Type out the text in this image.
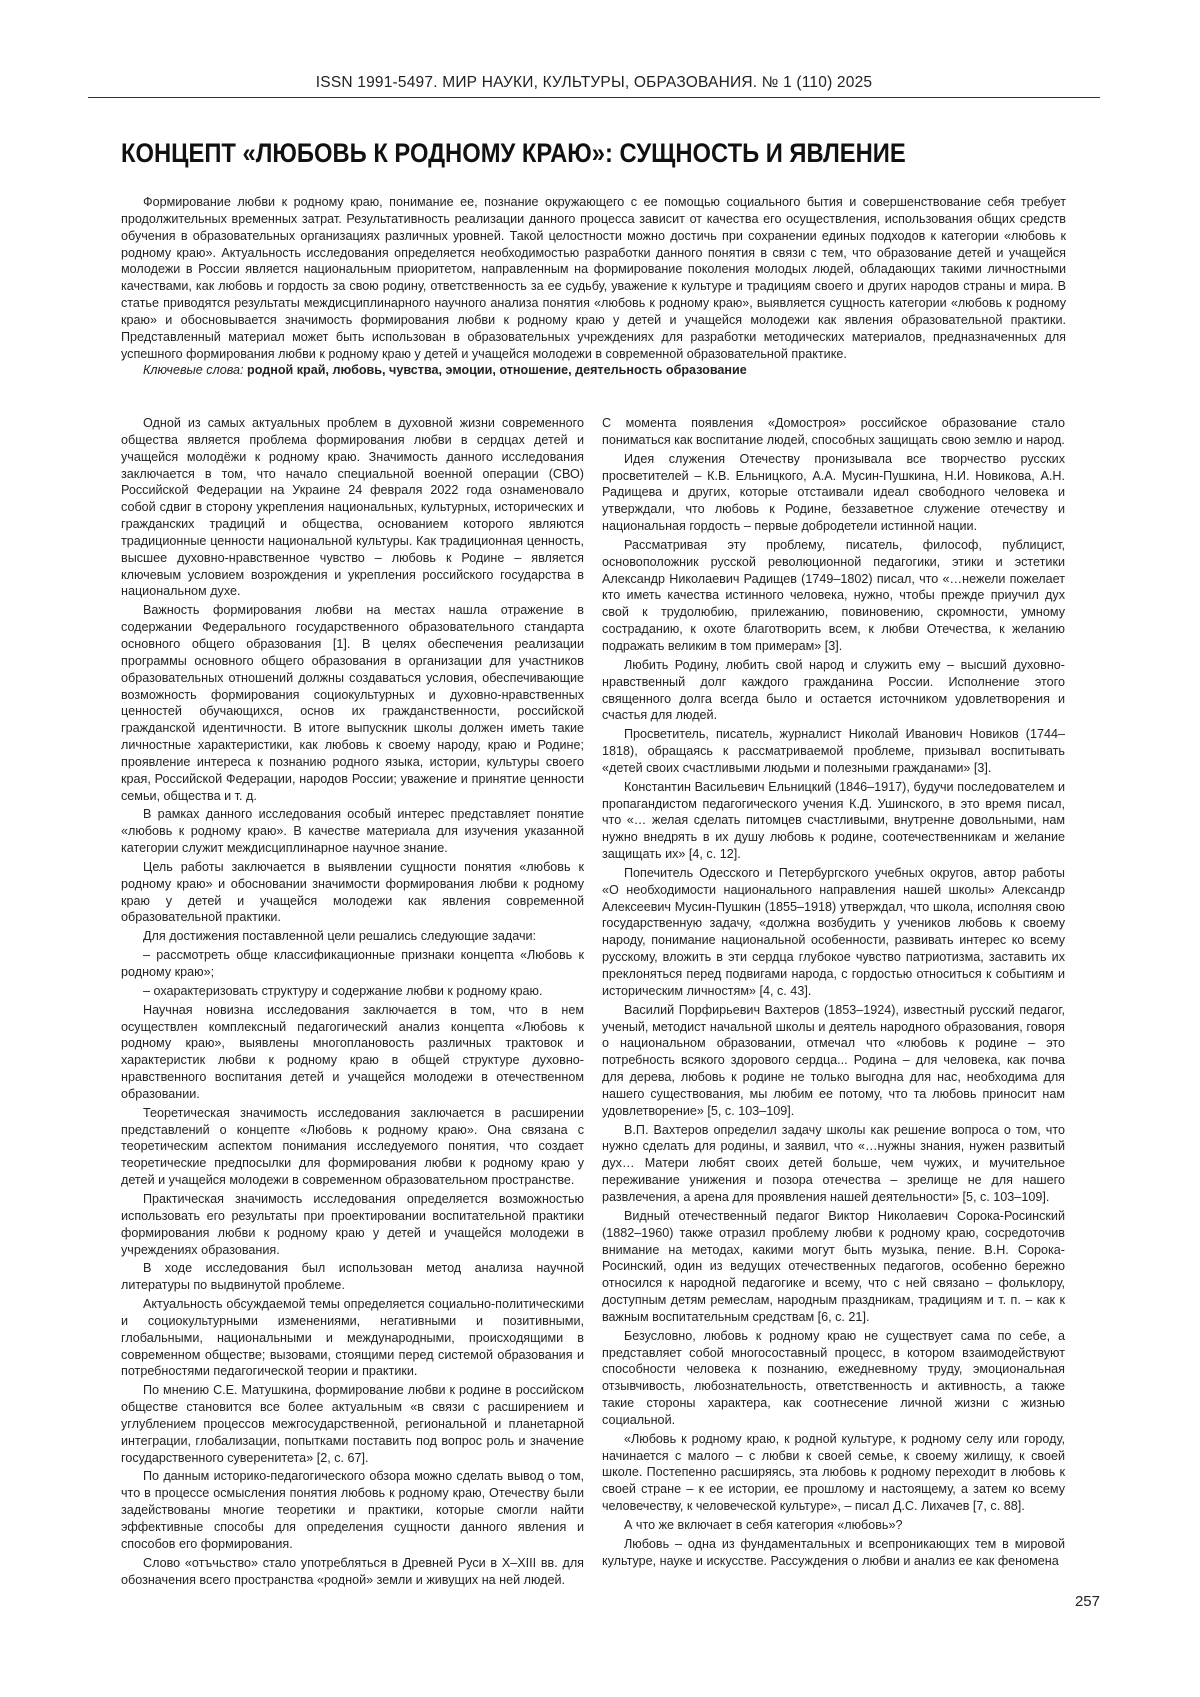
ISSN 1991-5497. МИР НАУКИ, КУЛЬТУРЫ, ОБРАЗОВАНИЯ. № 1 (110) 2025
КОНЦЕПТ «ЛЮБОВЬ К РОДНОМУ КРАЮ»: СУЩНОСТЬ И ЯВЛЕНИЕ

Формирование любви к родному краю, понимание ее, познание окружающего с ее помощью социального бытия и совершенствование себя требует продолжительных временных затрат. Результативность реализации данного процесса зависит от качества его осуществления, использования общих средств обучения в образовательных организациях различных уровней. Такой целостности можно достичь при сохранении единых подходов к категории «любовь к родному краю». Актуальность исследования определяется необходимостью разработки данного понятия в связи с тем, что образование детей и учащейся молодежи в России является национальным приоритетом, направленным на формирование поколения молодых людей, обладающих такими личностными качествами, как любовь и гордость за свою родину, ответственность за ее судьбу, уважение к культуре и традициям своего и других народов страны и мира. В статье приводятся результаты междисциплинарного научного анализа понятия «любовь к родному краю», выявляется сущность категории «любовь к родному краю» и обосновывается значимость формирования любви к родному краю у детей и учащейся молодежи как явления образовательной практики. Представленный материал может быть использован в образовательных учреждениях для разработки методических материалов, предназначенных для успешного формирования любви к родному краю у детей и учащейся молодежи в современной образовательной практике.

Ключевые слова: родной край, любовь, чувства, эмоции, отношение, деятельность образование

Одной из самых актуальных проблем в духовной жизни современного общества является проблема формирования любви в сердцах детей и учащейся молодёжи к родному краю. Значимость данного исследования заключается в том, что начало специальной военной операции (СВО) Российской Федерации на Украине 24 февраля 2022 года ознаменовало собой сдвиг в сторону укрепления национальных, культурных, исторических и гражданских традиций и общества, основанием которого являются традиционные ценности национальной культуры. Как традиционная ценность, высшее духовно-нравственное чувство – любовь к Родине – является ключевым условием возрождения и укрепления российского государства в национальном духе.

Важность формирования любви на местах нашла отражение в содержании Федерального государственного образовательного стандарта основного общего образования [1]. В целях обеспечения реализации программы основного общего образования в организации для участников образовательных отношений должны создаваться условия, обеспечивающие возможность формирования социокультурных и духовно-нравственных ценностей обучающихся, основ их гражданственности, российской гражданской идентичности. В итоге выпускник школы должен иметь такие личностные характеристики, как любовь к своему народу, краю и Родине; проявление интереса к познанию родного языка, истории, культуры своего края, Российской Федерации, народов России; уважение и принятие ценности семьи, общества и т. д.

В рамках данного исследования особый интерес представляет понятие «любовь к родному краю». В качестве материала для изучения указанной категории служит междисциплинарное научное знание.

Цель работы заключается в выявлении сущности понятия «любовь к родному краю» и обосновании значимости формирования любви к родному краю у детей и учащейся молодежи как явления современной образовательной практики.

Для достижения поставленной цели решались следующие задачи:

– рассмотреть обще классификационные признаки концепта «Любовь к родному краю»;

– охарактеризовать структуру и содержание любви к родному краю.

Научная новизна исследования заключается в том, что в нем осуществлен комплексный педагогический анализ концепта «Любовь к родному краю», выявлены многоплановость различных трактовок и характеристик любви к родному краю в общей структуре духовно-нравственного воспитания детей и учащейся молодежи в отечественном образовании.

Теоретическая значимость исследования заключается в расширении представлений о концепте «Любовь к родному краю». Она связана с теоретическим аспектом понимания исследуемого понятия, что создает теоретические предпосылки для формирования любви к родному краю у детей и учащейся молодежи в современном образовательном пространстве.

Практическая значимость исследования определяется возможностью использовать его результаты при проектировании воспитательной практики формирования любви к родному краю у детей и учащейся молодежи в учреждениях образования.

В ходе исследования был использован метод анализа научной литературы по выдвинутой проблеме.

Актуальность обсуждаемой темы определяется социально-политическими и социокультурными изменениями, негативными и позитивными, глобальными, национальными и международными, происходящими в современном обществе; вызовами, стоящими перед системой образования и потребностями педагогической теории и практики.

По мнению С.Е. Матушкина, формирование любви к родине в российском обществе становится все более актуальным «в связи с расширением и углублением процессов межгосударственной, региональной и планетарной интеграции, глобализации, попытками поставить под вопрос роль и значение государственного суверенитета» [2, с. 67].

По данным историко-педагогического обзора можно сделать вывод о том, что в процессе осмысления понятия любовь к родному краю, Отечеству были задействованы многие теоретики и практики, которые смогли найти эффективные способы для определения сущности данного явления и способов его формирования.

Слово «отъчьство» стало употребляться в Древней Руси в X–XIII вв. для обозначения всего пространства «родной» земли и живущих на ней людей.

С момента появления «Домостроя» российское образование стало пониматься как воспитание людей, способных защищать свою землю и народ.

Идея служения Отечеству пронизывала все творчество русских просветителей – К.В. Ельницкого, А.А. Мусин-Пушкина, Н.И. Новикова, А.Н. Радищева и других, которые отстаивали идеал свободного человека и утверждали, что любовь к Родине, беззаветное служение отечеству и национальная гордость – первые добродетели истинной нации.

Рассматривая эту проблему, писатель, философ, публицист, основоположник русской революционной педагогики, этики и эстетики Александр Николаевич Радищев (1749–1802) писал, что «…нежели пожелает кто иметь качества истинного человека, нужно, чтобы прежде приучил дух свой к трудолюбию, прилежанию, повиновению, скромности, умному состраданию, к охоте благотворить всем, к любви Отечества, к желанию подражать великим в том примерам» [3].

Любить Родину, любить свой народ и служить ему – высший духовно-нравственный долг каждого гражданина России. Исполнение этого священного долга всегда было и остается источником удовлетворения и счастья для людей.

Просветитель, писатель, журналист Николай Иванович Новиков (1744–1818), обращаясь к рассматриваемой проблеме, призывал воспитывать «детей своих счастливыми людьми и полезными гражданами» [3].

Константин Васильевич Ельницкий (1846–1917), будучи последователем и пропагандистом педагогического учения К.Д. Ушинского, в это время писал, что «… желая сделать питомцев счастливыми, внутренне довольными, нам нужно внедрять в их душу любовь к родине, соотечественникам и желание защищать их» [4, с. 12].

Попечитель Одесского и Петербургского учебных округов, автор работы «О необходимости национального направления нашей школы» Александр Алексеевич Мусин-Пушкин (1855–1918) утверждал, что школа, исполняя свою государственную задачу, «должна возбудить у учеников любовь к своему народу, понимание национальной особенности, развивать интерес ко всему русскому, вложить в эти сердца глубокое чувство патриотизма, заставить их преклоняться перед подвигами народа, с гордостью относиться к событиям и историческим личностям» [4, с. 43].

Василий Порфирьевич Вахтеров (1853–1924), известный русский педагог, ученый, методист начальной школы и деятель народного образования, говоря о национальном образовании, отмечал что «любовь к родине – это потребность всякого здорового сердца... Родина – для человека, как почва для дерева, любовь к родине не только выгодна для нас, необходима для нашего существования, мы любим ее потому, что та любовь приносит нам удовлетворение» [5, с. 103–109].

В.П. Вахтеров определил задачу школы как решение вопроса о том, что нужно сделать для родины, и заявил, что «…нужны знания, нужен развитый дух… Матери любят своих детей больше, чем чужих, и мучительное переживание унижения и позора отечества – зрелище не для нашего развлечения, а арена для проявления нашей деятельности» [5, с. 103–109].

Видный отечественный педагог Виктор Николаевич Сорока-Росинский (1882–1960) также отразил проблему любви к родному краю, сосредоточив внимание на методах, какими могут быть музыка, пение. В.Н. Сорока-Росинский, один из ведущих отечественных педагогов, особенно бережно относился к народной педагогике и всему, что с ней связано – фольклору, доступным детям ремеслам, народным праздникам, традициям и т. п. – как к важным воспитательным средствам [6, с. 21].

Безусловно, любовь к родному краю не существует сама по себе, а представляет собой многосоставный процесс, в котором взаимодействуют способности человека к познанию, ежедневному труду, эмоциональная отзывчивость, любознательность, ответственность и активность, а также такие стороны характера, как соотнесение личной жизни с жизнью социальной.

«Любовь к родному краю, к родной культуре, к родному селу или городу, начинается с малого – с любви к своей семье, к своему жилищу, к своей школе. Постепенно расширяясь, эта любовь к родному переходит в любовь к своей стране – к ее истории, ее прошлому и настоящему, а затем ко всему человечеству, к человеческой культуре», – писал Д.С. Лихачев [7, с. 88].

А что же включает в себя категория «любовь»?

Любовь – одна из фундаментальных и всепроникающих тем в мировой культуре, науке и искусстве. Рассуждения о любви и анализ ее как феномена

257
